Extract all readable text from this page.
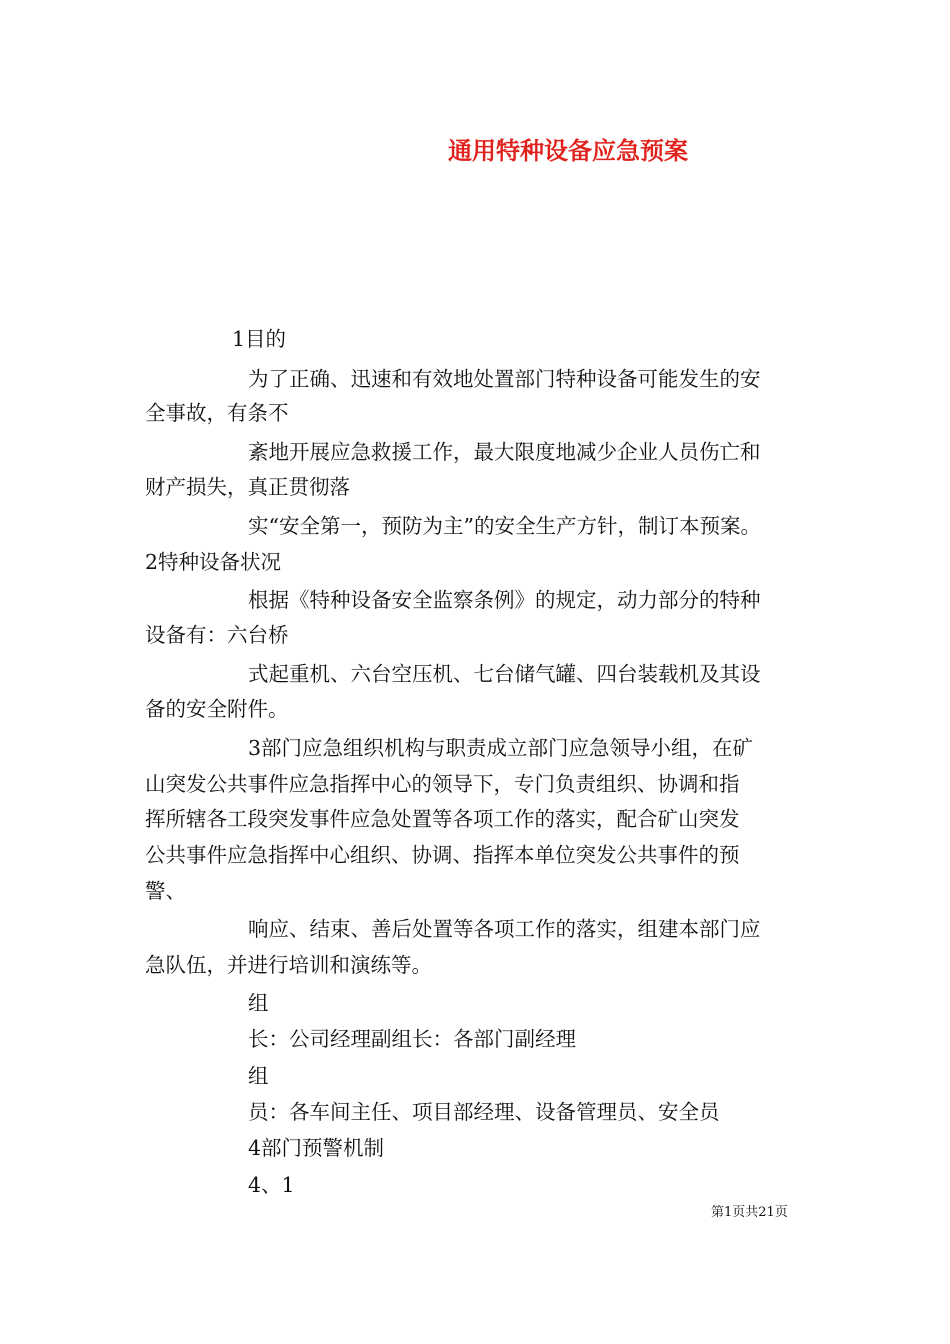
通用特种设备应急预案
1目的
为了正确、迅速和有效地处置部门特种设备可能发生的安
全事故，有条不
紊地开展应急救援工作，最大限度地减少企业人员伤亡和
财产损失，真正贯彻落
实“安全第一，预防为主”的安全生产方针，制订本预案。
2特种设备状况
根据《特种设备安全监察条例》的规定，动力部分的特种
设备有：六台桥
式起重机、六台空压机、七台储气罐、四台装载机及其设
备的安全附件。
3部门应急组织机构与职责成立部门应急领导小组，在矿
山突发公共事件应急指挥中心的领导下，专门负责组织、协调和指
挥所辖各工段突发事件应急处置等各项工作的落实，配合矿山突发
公共事件应急指挥中心组织、协调、指挥本单位突发公共事件的预
警、
响应、结束、善后处置等各项工作的落实，组建本部门应
急队伍，并进行培训和演练等。
组
长：公司经理副组长：各部门副经理
组
员：各车间主任、项目部经理、设备管理员、安全员
4部门预警机制
4、1
第1页共21页
